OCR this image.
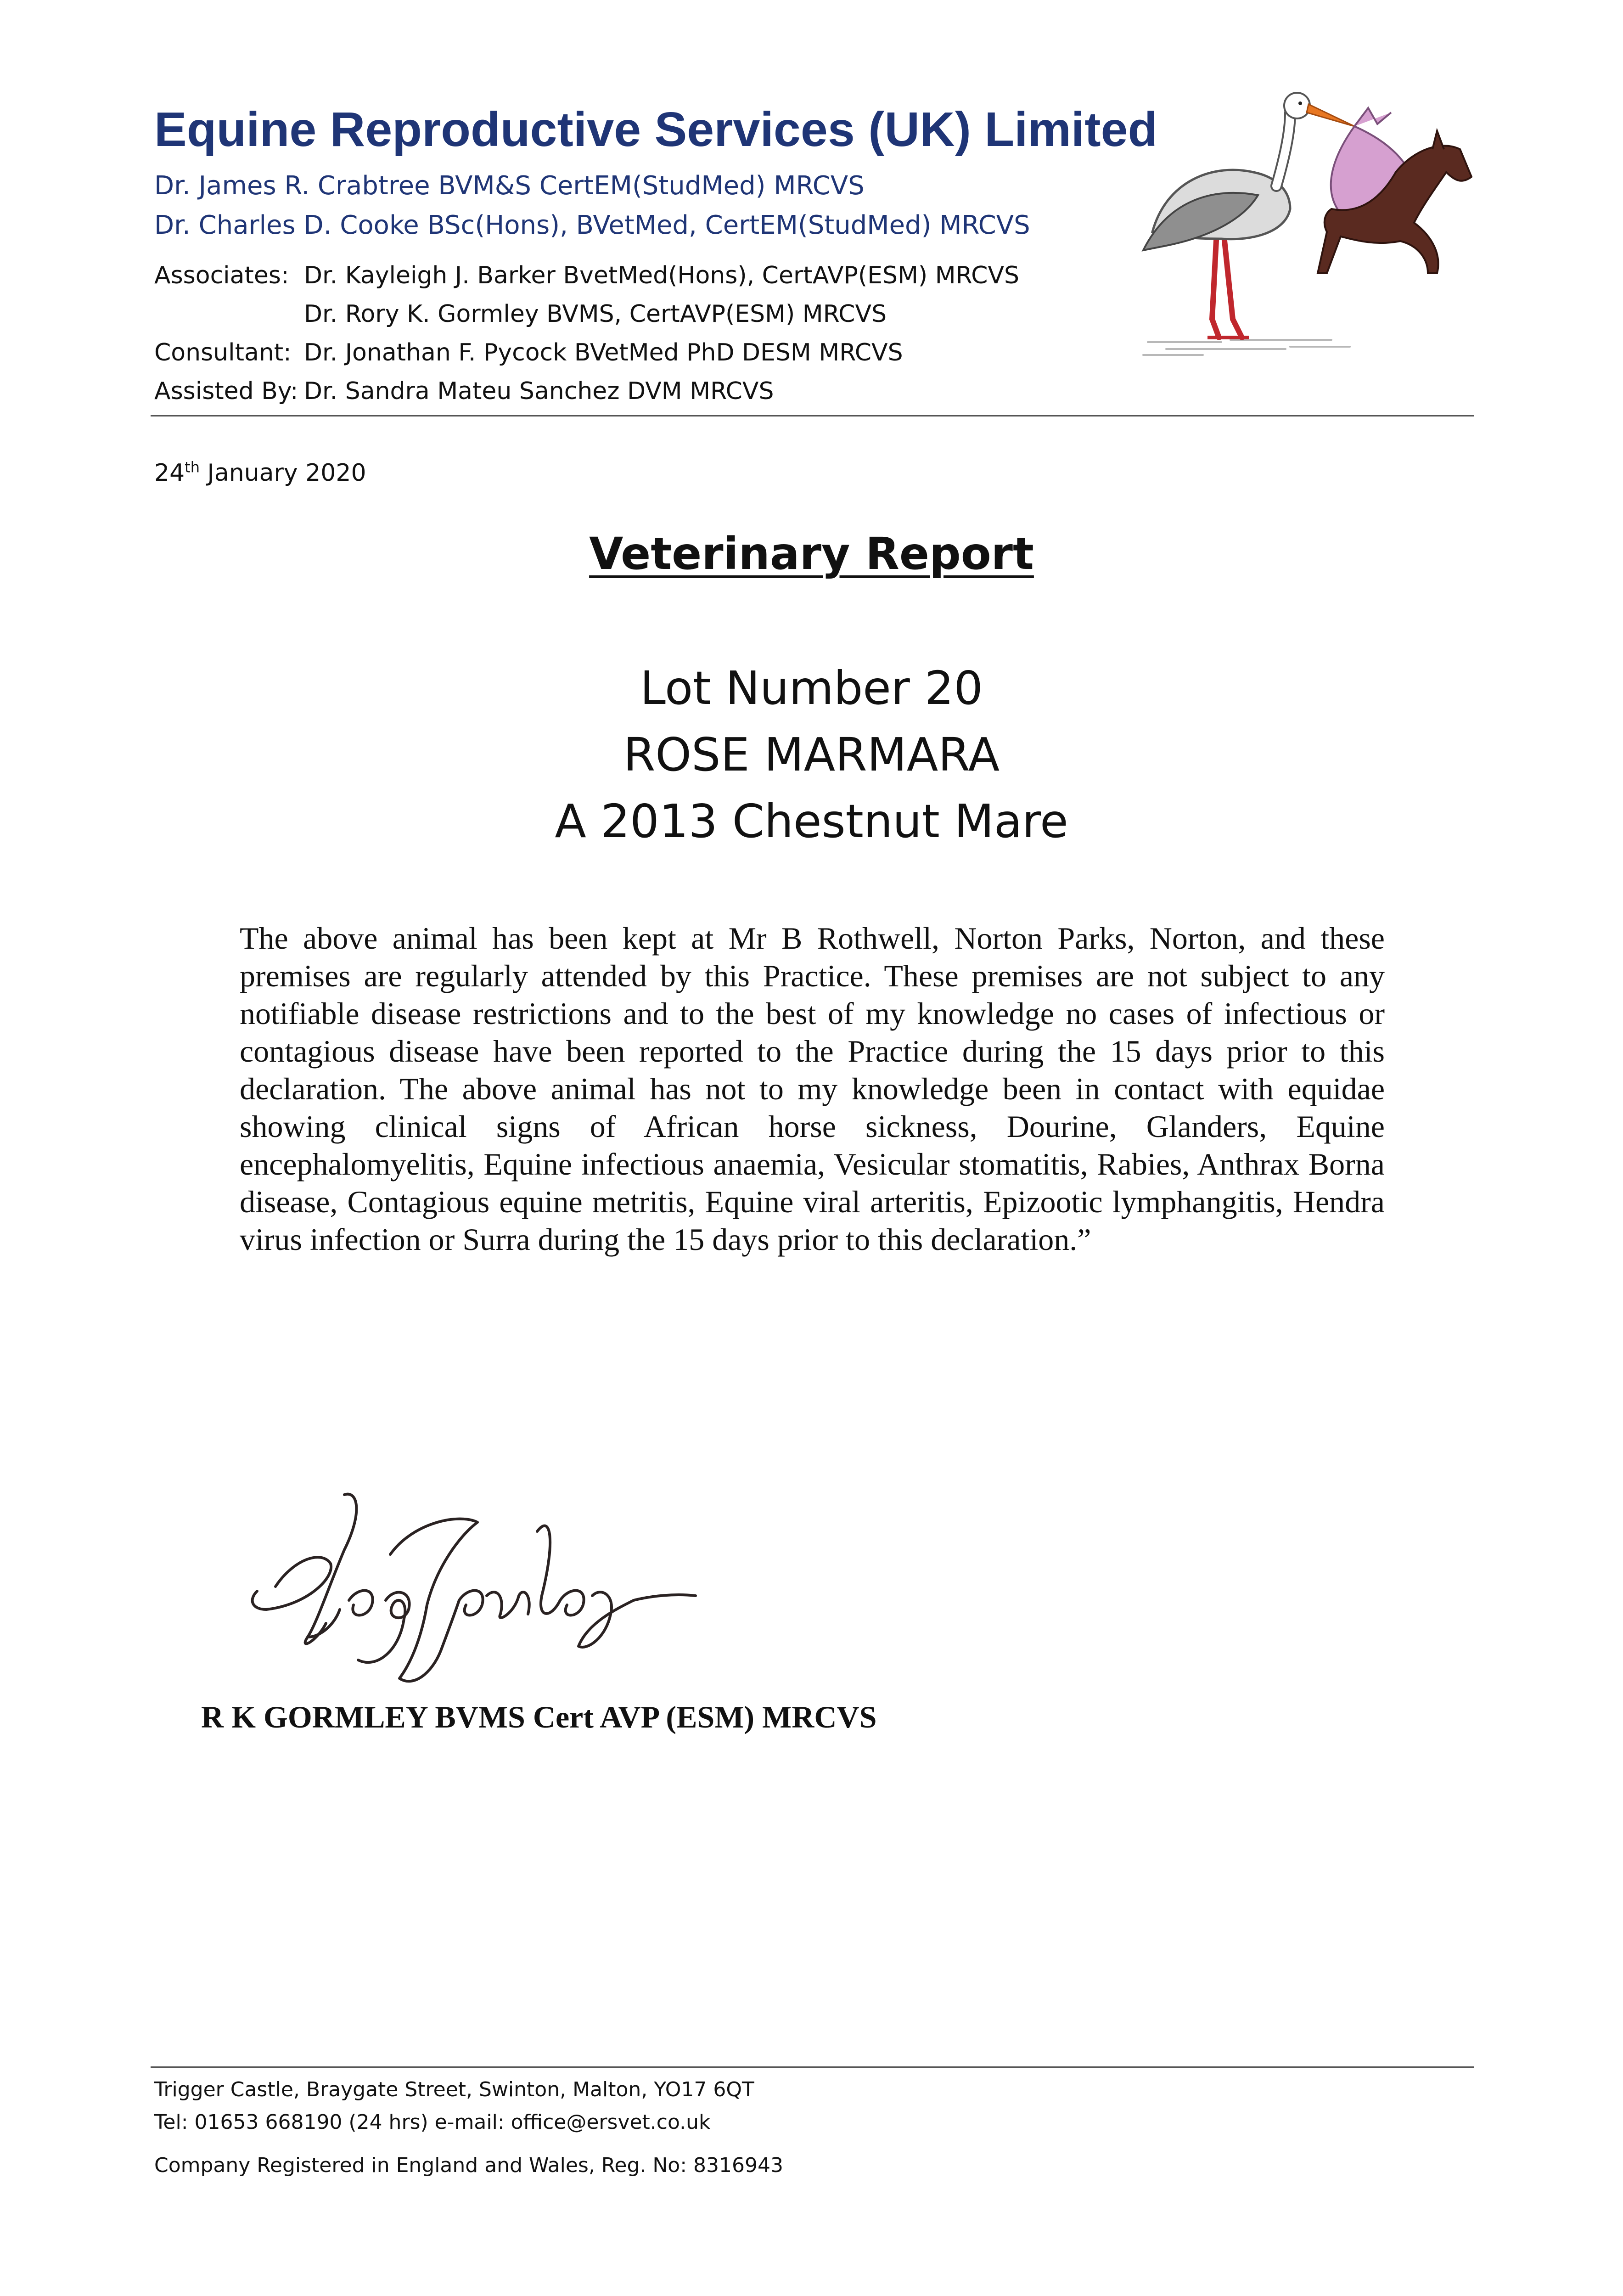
Equine Reproductive Services (UK) Limited
Dr. James R. Crabtree BVM&S CertEM(StudMed) MRCVS
Dr. Charles D. Cooke BSc(Hons), BVetMed, CertEM(StudMed) MRCVS
Associates: Dr. Kayleigh J. Barker BvetMed(Hons), CertAVP(ESM) MRCVS
Dr. Rory K. Gormley BVMS, CertAVP(ESM) MRCVS
Consultant: Dr. Jonathan F. Pycock BVetMed PhD DESM MRCVS
Assisted By: Dr. Sandra Mateu Sanchez DVM MRCVS
24th January 2020
Veterinary Report
Lot Number 20
ROSE MARMARA
A 2013 Chestnut Mare
The above animal has been kept at Mr B Rothwell, Norton Parks, Norton, and these premises are regularly attended by this Practice. These premises are not subject to any notifiable disease restrictions and to the best of my knowledge no cases of infectious or contagious disease have been reported to the Practice during the 15 days prior to this declaration. The above animal has not to my knowledge been in contact with equidae showing clinical signs of African horse sickness, Dourine, Glanders, Equine encephalomyelitis, Equine infectious anaemia, Vesicular stomatitis, Rabies, Anthrax Borna disease, Contagious equine metritis, Equine viral arteritis, Epizootic lymphangitis, Hendra virus infection or Surra during the 15 days prior to this declaration.”
R K GORMLEY BVMS Cert AVP (ESM) MRCVS
Trigger Castle, Braygate Street, Swinton, Malton, YO17 6QT
Tel: 01653 668190 (24 hrs) e-mail: office@ersvet.co.uk
Company Registered in England and Wales, Reg. No: 8316943
